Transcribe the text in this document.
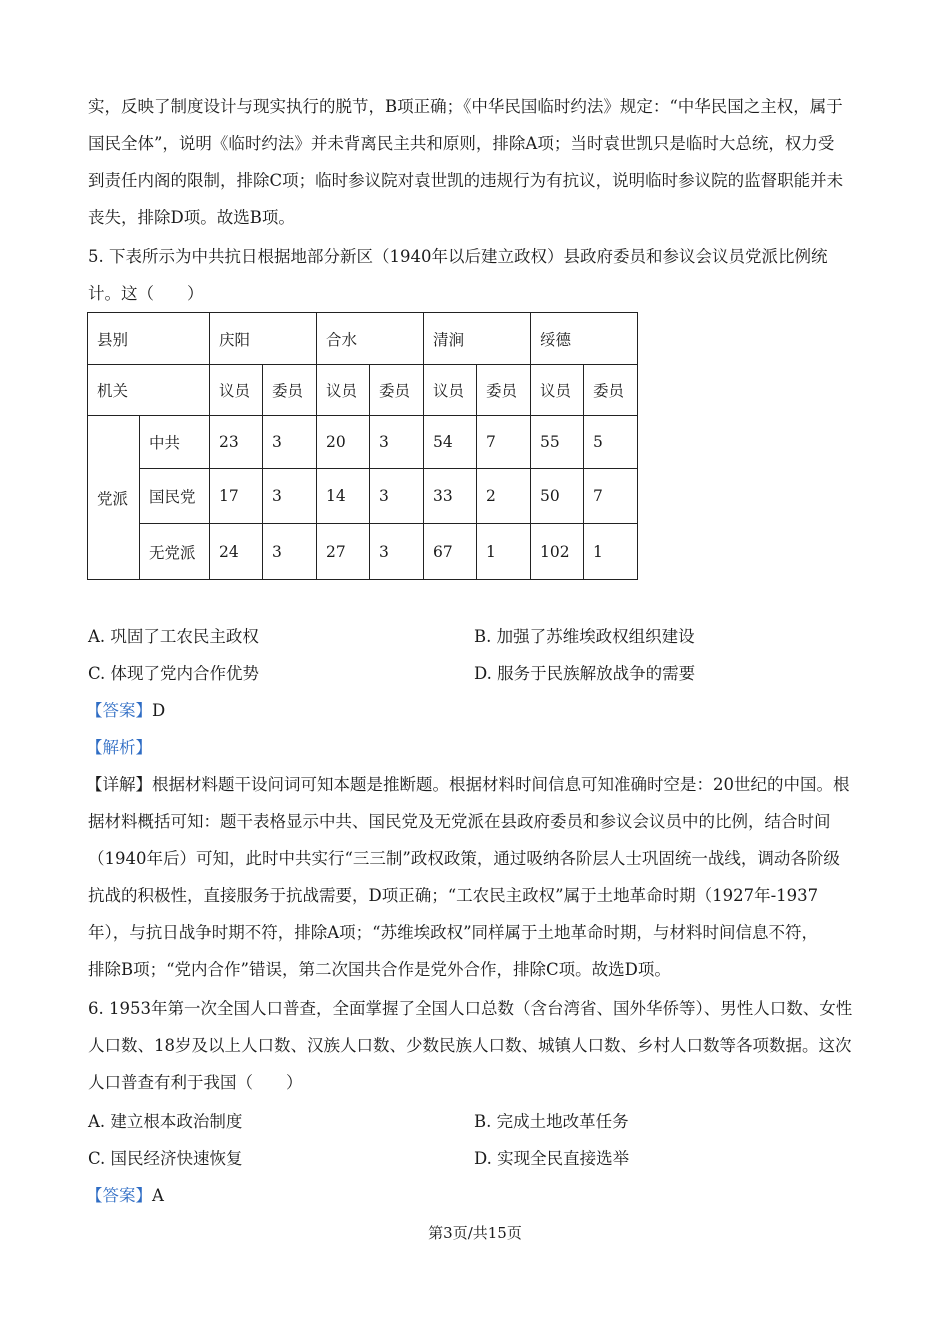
实，反映了制度设计与现实执行的脱节，B项正确；《中华民国临时约法》规定：“中华民国之主权，属于
国民全体”，说明《临时约法》并未背离民主共和原则，排除A项；当时袁世凯只是临时大总统，权力受
到责任内阁的限制，排除C项；临时参议院对袁世凯的违规行为有抗议，说明临时参议院的监督职能并未
丧失，排除D项。故选B项。
5. 下表所示为中共抗日根据地部分新区（1940年以后建立政权）县政府委员和参议会议员党派比例统
计。这（　　）
县别		庆阳		合水		清涧		绥德	
机关		议员	委员	议员	委员	议员	委员	议员	委员
党派	中共	23	3	20	3	54	7	55	5
	国民党	17	3	14	3	33	2	50	7
	无党派	24	3	27	3	67	1	102	1
A. 巩固了工农民主政权	B. 加强了苏维埃政权组织建设
C. 体现了党内合作优势	D. 服务于民族解放战争的需要
【答案】D
【解析】
【详解】根据材料题干设问词可知本题是推断题。根据材料时间信息可知准确时空是：20世纪的中国。根
据材料概括可知：题干表格显示中共、国民党及无党派在县政府委员和参议会议员中的比例，结合时间
（1940年后）可知，此时中共实行“三三制”政权政策，通过吸纳各阶层人士巩固统一战线，调动各阶级
抗战的积极性，直接服务于抗战需要，D项正确；“工农民主政权”属于土地革命时期（1927年-1937
年），与抗日战争时期不符，排除A项；“苏维埃政权”同样属于土地革命时期，与材料时间信息不符，
排除B项；“党内合作”错误，第二次国共合作是党外合作，排除C项。故选D项。
6. 1953年第一次全国人口普查，全面掌握了全国人口总数（含台湾省、国外华侨等）、男性人口数、女性
人口数、18岁及以上人口数、汉族人口数、少数民族人口数、城镇人口数、乡村人口数等各项数据。这次
人口普查有利于我国（　　）
A. 建立根本政治制度	B. 完成土地改革任务
C. 国民经济快速恢复	D. 实现全民直接选举
【答案】A
第3页/共15页
